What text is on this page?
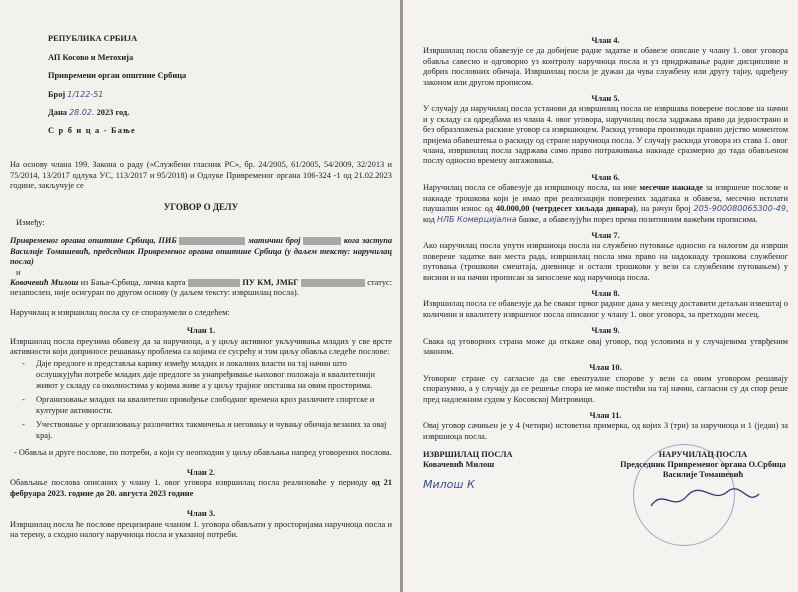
РЕПУБЛИКА СРБИЈА

АП Косово и Метохија

Привремени орган општине Србица

Број 1/122-51

Дана 28.02. 2023 год.

С р б и ц а - Бање

На основу члана 199. Закона о раду («Службени гласник РС», бр. 24/2005, 61/2005, 54/2009, 32/2013 и 75/2014, 13/2017 одлука УС, 113/2017 и 95/2018) и Одлуке Привременог органа 106-324 -1 од 21.02.2023 године, закључује се

УГОВОР О ДЕЛУ

Између:

Привременог органа општине Србица, ПИБ	матични број	кога заступа Василије Томашевић, председник Привременог органа општине Србица (у даљем тексту: наручилац посла)

и

Ковачевић Милош из Бања-Србица, лична карта	ПУ КМ, ЈМБГ	статус: незапослен, није осигуран по другом основу (у даљем тексту: извршилац посла).

Наручилац и извршилац посла су се споразумели о следећем:

Члан 1.

Извршилац посла преузима обавезу да за наручиоца, а у циљу активног укључивања младих у све врсте активности који доприносе решавању проблема са којима се сусрећу и том циљу обавља следеће послове:

- Даје предлоге и представља карику између младих и локалних власти на тај начин што ослушкујући потребе младих даје предлоге за унапређивање њиховог положаја и квалитетнији живот у складу са околностима у којима живе а у циљу трајног опстанка на овим просторима.
- Организовање младих на квалитетно провођење слободног времена кроз различите спортске и културне активности.
- Учествовање у организовању различитих такмичења и неговању и чувању обичаја везаних за овај крај.

- Обавља и друге послове, по потреби, а који су неопходни у циљу обављања напред уговорених послова.

Члан 2.

Обављање послова описаних у члану 1. овог уговора извршилац посла реализоваће у периоду од 21 фебруара 2023. године до 20. августа 2023 године

Члан 3.

Извршилац посла ће послове прецизиране чланом 1. уговора обављати у просторијама наручиоца посла и на терену, а сходно налогу наручиоца посла и указаној потреби.

Члан 4.

Извршилац посла обавезује се да добијене радне задатке и обавезе описане у члану 1. овог уговора обавља савесно и одговорно уз контролу наручиоца посла и уз придржавање радне дисциплине и добрих пословних обичаја. Извршилац посла је дужан да чува службену или другу тајну, одређену законом или другом прописом.

Члан 5.

У случају да наручилац посла установи да извршилац посла не извршава поверене послове на начин и у складу са одредбама из члана 4. овог уговора, наручилац посла задржава право да једнострано и без образложења раскине уговор са извршиоцем. Раскид уговора производи правно дејство моментом пријема обавештења о раскиду од стране наручиоца посла. У случају раскида уговора из става 1. овог члана, извршилац посла задржава само право потраживања накнаде сразмерно до тада обављеном послу односно времену ангажовања.

Члан 6.

Наручилац посла се обавезује да извршиоцу посла, на име месечне накнаде за извршене послове и накнаде трошкова који је имао при реализацији поверених задатака и обавеза, месечно исплати паушални износ од 40.000,00 (четрдесет хиљада динара), на рачун број 205-900080065300-49, код НЛБ Комерцијална банке, а обавезујући порез према позитивним важећим прописима.

Члан 7.

Ако наручилац посла упути извршиоца посла на службено путовање односно га налогом да изврши поверене задатке ван места рада, извршилац посла има право на надокнаду трошкова службеног путовања (трошкови смештаја, дневнице и остали трошкови у вези са службеним путовањем) у висини и на начин прописан за запослене код наручиоца посла.

Члан 8.

Извршилац посла се обавезује да ће сваког првог радног дана у месецу доставити детаљан извештај о количини и квалитету извршеног посла описаног у члану 1. овог уговора, за претходни месец.

Члан 9.

Свака од уговорних страна може да откаже овај уговор, под условима и у случајевима утврђеним законом.

Члан 10.

Уговорне стране су сагласне да све евентуалне спорове у вези са овим уговором решавају споразумно, а у случају да се решење спора не може постићи на тај начин, сагласни су да спор реше пред надлежним судом у Косовској Митровици.

Члан 11.

Овај уговор сачињен је у 4 (четири) истоветна примерка, од којих 3 (три) за наручиоца и 1 (један) за извршиоца посла.

ИЗВРШИЛАЦ ПОСЛА
Ковачевић Милош
Милош К
НАРУЧИЛАЦ ПОСЛА
Председник Привременог органа О.Србица
Василије Томашевић
